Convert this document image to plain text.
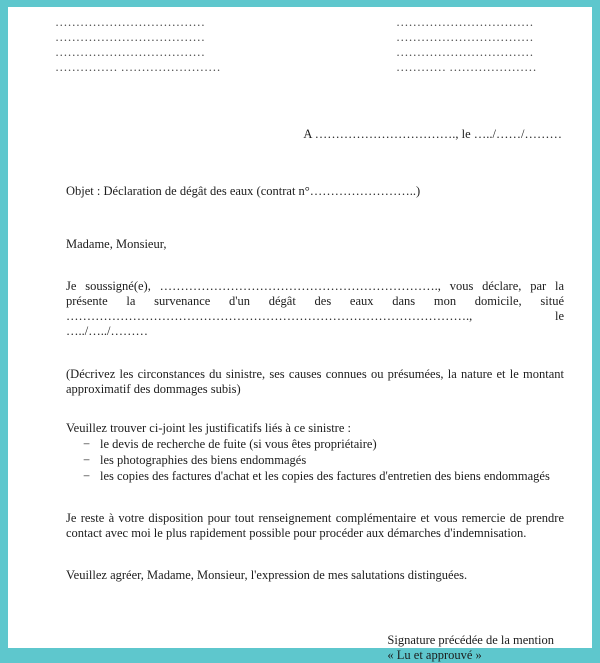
………………………………
………………………………
………………………………
…………… ……………………
……………………………
……………………………
……………………………
………… …………………
A ……………………………., le …../……/………
Objet : Déclaration de dégât des eaux (contrat n°……………………..)
Madame, Monsieur,
Je soussigné(e), …………………………………………………………., vous déclare, par la présente la survenance d'un dégât des eaux dans mon domicile, situé ……………………………………………………………………………………., le …../…../………
(Décrivez les circonstances du sinistre, ses causes connues ou présumées, la nature et le montant approximatif des dommages subis)
Veuillez trouver ci-joint les justificatifs liés à ce sinistre :
− le devis de recherche de fuite (si vous êtes propriétaire)
− les photographies des biens endommagés
− les copies des factures d'achat et les copies des factures d'entretien des biens endommagés
Je reste à votre disposition pour tout renseignement complémentaire et vous remercie de prendre contact avec moi le plus rapidement possible pour procéder aux démarches d'indemnisation.
Veuillez agréer, Madame, Monsieur, l'expression de mes salutations distinguées.
Signature précédée de la mention
« Lu et approuvé »
